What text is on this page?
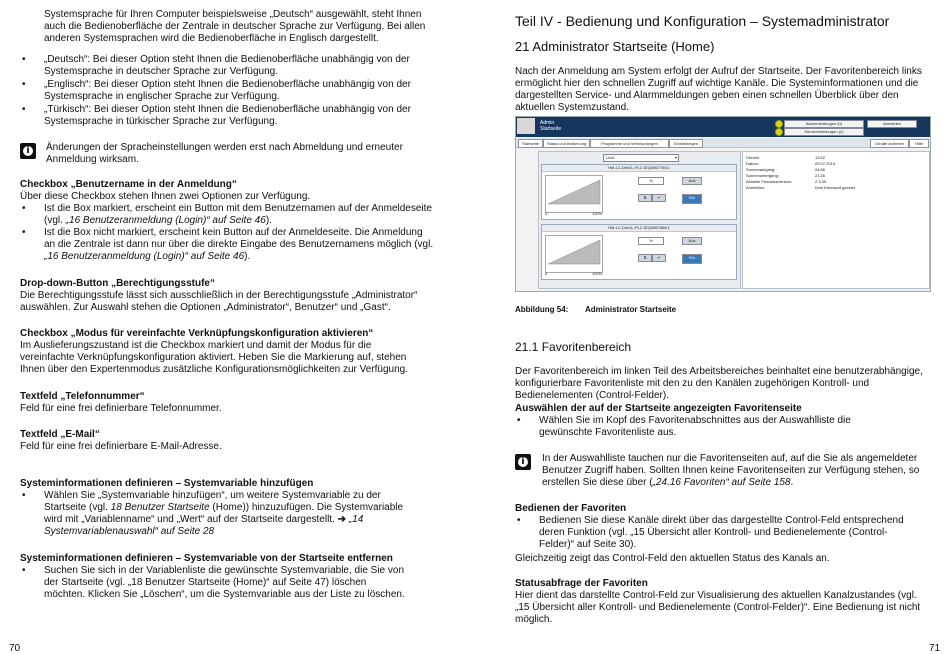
Systemsprache für Ihren Computer beispielsweise „Deutsch“ ausgewählt, steht Ihnen auch die Bedienoberfläche der Zentrale in deutscher Sprache zur Verfügung. Bei allen anderen Systemsprachen wird die Bedienoberfläche in Englisch dargestellt.

• „Deutsch“: Bei dieser Option steht Ihnen die Bedienoberfläche unabhängig von der Systemsprache in deutscher Sprache zur Verfügung.
• „Englisch“: Bei dieser Option steht Ihnen die Bedienoberfläche unabhängig von der Systemsprache in englischer Sprache zur Verfügung.
• „Türkisch“: Bei dieser Option steht Ihnen die Bedienoberfläche unabhängig von der Systemsprache in türkischer Sprache zur Verfügung.
i

Änderungen der Spracheinstellungen werden erst nach Abmeldung und erneuter Anmeldung wirksam.

Checkbox „Benutzername in der Anmeldung“

Über diese Checkbox stehen Ihnen zwei Optionen zur Verfügung.

• Ist die Box markiert, erscheint ein Button mit dem Benutzernamen auf der Anmeldeseite (vgl. „16 Benutzeranmeldung (Login)“ auf Seite 46).
• Ist die Box nicht markiert, erscheint kein Button auf der Anmeldeseite. Die Anmeldung an die Zentrale ist dann nur über die direkte Eingabe des Benutzernamens möglich (vgl. „16 Benutzeranmeldung (Login)“ auf Seite 46).

Drop-down-Button „Berechtigungsstufe“

Die Berechtigungsstufe lässt sich ausschließlich in der Berechtigungsstufe „Administrator“ auswählen. Zur Auswahl stehen die Optionen „Administrator“, Benutzer“ und „Gast“.

Checkbox „Modus für vereinfachte Verknüpfungskonfiguration aktivieren“

Im Auslieferungszustand ist die Checkbox markiert und damit der Modus für die vereinfachte Verknüpfungskonfiguration aktiviert. Heben Sie die Markierung auf, stehen Ihnen über den Expertenmodus zusätzliche Konfigurationsmöglichkeiten zur Verfügung.

Textfeld „Telefonnummer“

Feld für eine frei definierbare Telefonnummer.

Textfeld „E-Mail“

Feld für eine frei definierbare E-Mail-Adresse.

Systeminformationen definieren – Systemvariable hinzufügen

• Wählen Sie „Systemvariable hinzufügen“, um weitere Systemvariable zu der Startseite (vgl. 18 Benutzer Startseite (Home)) hinzuzufügen. Die Systemvariable wird mit „Variablenname“ und „Wert“ auf der Startseite dargestellt. ➔ „14 Systemvariablenauswahl“ auf Seite 28

Systeminformationen definieren – Systemvariable von der Startseite entfernen

• Suchen Sie sich in der Variablenliste die gewünschte Systemvariable, die Sie von der Startseite (vgl. „18 Benutzer Startseite (Home)“ auf Seite 47) löschen möchten. Klicken Sie „Löschen“, um die Systemvariable aus der Liste zu löschen.
70

Teil IV - Bedienung und Konfiguration – Systemadministrator

21 Administrator Startseite (Home)

Nach der Anmeldung am System erfolgt der Aufruf der Startseite. Der Favoritenbereich links ermöglicht hier den schnellen Zugriff auf wichtige Kanäle. Die Systeminformationen und die dargestellten Service- und Alarmmeldungen geben einen schnellen Überblick über den aktuellen Systemzustand.

Admin
Startseite
Alarmmeldungen (0)
Servicemeldungen (2)
Abmelden
Startseite	Status und Bedienung	Programme und Verknüpfungen	Einstellungen	Geräte anlernen	Hilfe
Licht	▾
HM-LC-Dim1L-Pl-2 JEQ0567765:1
0	100%
%	Aus
⇅	↵	Ein
HM-LC-Dim1L-Pl-2 JEQ0567668:1
0	100%
%	Aus
⇅	↵	Ein
Uhrzeit:	13:02
Datum:	09.07.2013
Sonnenaufgang:	04:56
Sonnenuntergang:	21:26
Aktuelle Firmwareversion:	2.3.35
Anmelden:	Kein Kennwort gesetzt

Abbildung 54: Administrator Startseite

21.1 Favoritenbereich

Der Favoritenbereich im linken Teil des Arbeitsbereiches beinhaltet eine benutzerabhängige, konfigurierbare Favoritenliste mit den zu den Kanälen zugehörigen Kontroll- und Bedienelementen (Control-Felder).

Auswählen der auf der Startseite angezeigten Favoritenseite

• Wählen Sie im Kopf des Favoritenabschnittes aus der Auswahlliste die gewünschte Favoritenliste aus.
i

In der Auswahlliste tauchen nur die Favoritenseiten auf, auf die Sie als angemeldeter Benutzer Zugriff haben. Sollten Ihnen keine Favoritenseiten zur Verfügung stehen, so erstellen Sie diese über („24.16 Favoriten“ auf Seite 158.

Bedienen der Favoriten

• Bedienen Sie diese Kanäle direkt über das dargestellte Control-Feld entsprechend deren Funktion (vgl. „15 Übersicht aller Kontroll- und Bedienelemente (Control-Felder)“ auf Seite 30).

Gleichzeitig zeigt das Control-Feld den aktuellen Status des Kanals an.

Statusabfrage der Favoriten

Hier dient das darstellte Control-Feld zur Visualisierung des aktuellen Kanalzustandes (vgl. „15 Übersicht aller Kontroll- und Bedienelemente (Control-Felder)“. Eine Bedienung ist nicht möglich.

71
